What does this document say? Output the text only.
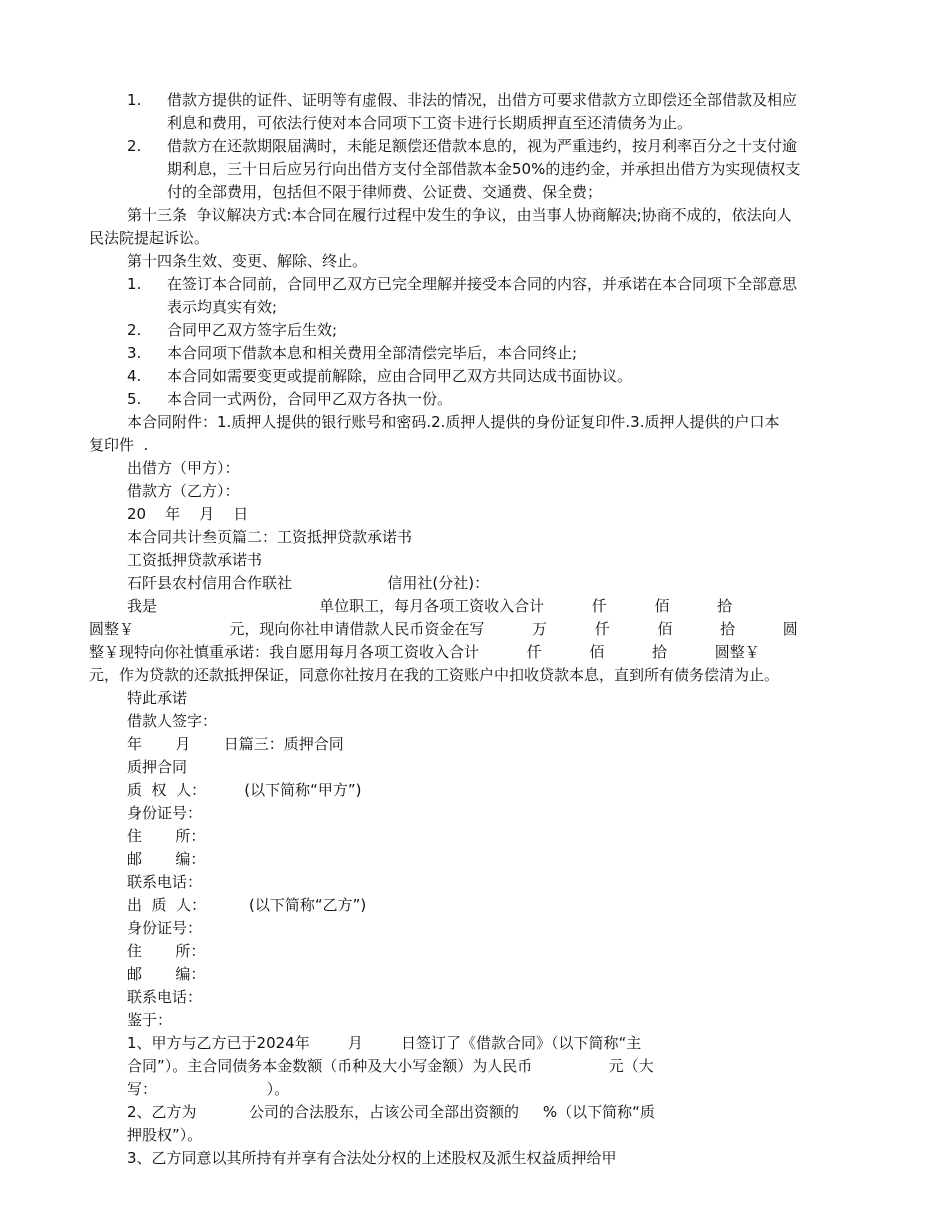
1. 借款方提供的证件、证明等有虚假、非法的情况，出借方可要求借款方立即偿还全部借款及相应
利息和费用，可依法行使对本合同项下工资卡进行长期质押直至还清债务为止。
2. 借款方在还款期限届满时，未能足额偿还借款本息的，视为严重违约，按月利率百分之十支付逾
期利息，三十日后应另行向出借方支付全部借款本金50%的违约金，并承担出借方为实现债权支
付的全部费用，包括但不限于律师费、公证费、交通费、保全费；
第十三条  争议解决方式:本合同在履行过程中发生的争议，由当事人协商解决;协商不成的，依法向人
民法院提起诉讼。
第十四条生效、变更、解除、终止。
1. 在签订本合同前，合同甲乙双方已完全理解并接受本合同的内容，并承诺在本合同项下全部意思
表示均真实有效;
2. 合同甲乙双方签字后生效;
3. 本合同项下借款本息和相关费用全部清偿完毕后，本合同终止;
4. 本合同如需要变更或提前解除，应由合同甲乙双方共同达成书面协议。
5. 本合同一式两份，合同甲乙双方各执一份。
本合同附件：1.质押人提供的银行账号和密码.2.质押人提供的身份证复印件.3.质押人提供的户口本
复印件  .
出借方（甲方）：
借款方（乙方）：
20    年    月    日
本合同共计叁页篇二：工资抵押贷款承诺书
工资抵押贷款承诺书
石阡县农村信用合作联社                    信用社(分社)：
我是                                  单位职工，每月各项工资收入合计          仟          佰          拾
圆整￥                    元，现向你社申请借款人民币资金在写          万          仟          佰          拾          圆
整￥现特向你社慎重承诺：我自愿用每月各项工资收入合计          仟          佰          拾          圆整￥
元，作为贷款的还款抵押保证，同意你社按月在我的工资账户中扣收贷款本息，直到所有债务偿清为止。
特此承诺
借款人签字：
年       月       日篇三：质押合同
质押合同
质  权  人：        (以下简称“甲方”)
身份证号：
住       所：
邮       编：
联系电话：
出  质  人：         (以下简称“乙方”)
身份证号：
住       所：
邮       编：
联系电话：
鉴于：
1、甲方与乙方已于2024年        月        日签订了《借款合同》（以下简称“主
合同”）。主合同债务本金数额（币种及大小写金额）为人民币                元（大
写：                       ）。
2、乙方为           公司的合法股东，占该公司全部出资额的     %（以下简称“质
押股权”）。
3、乙方同意以其所持有并享有合法处分权的上述股权及派生权益质押给甲
